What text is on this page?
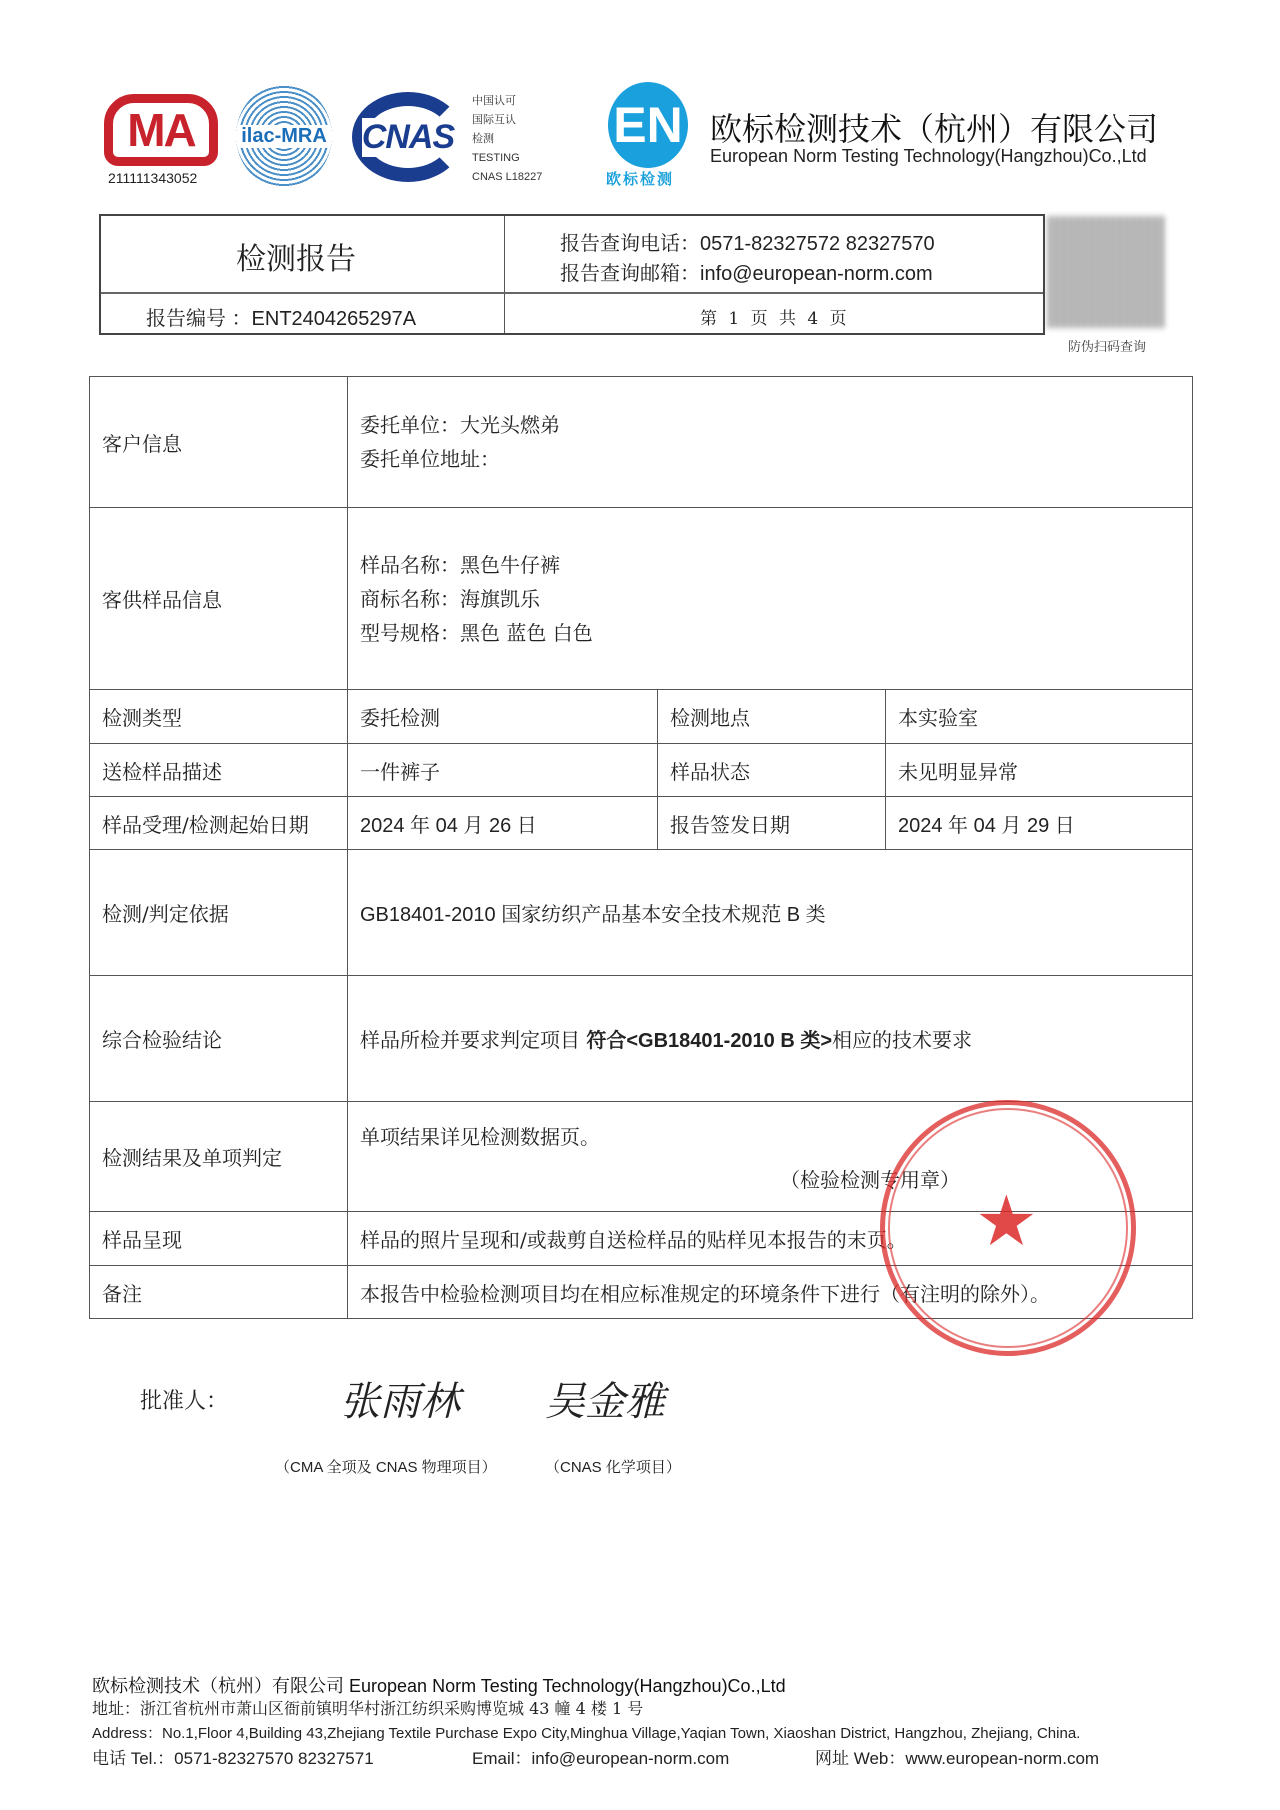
MA
211111343052
ilac-MRA CNAS
中国认可
国际互认
检测
TESTING
CNAS L18227
EN
欧标检测
欧标检测技术（杭州）有限公司
European Norm Testing Technology(Hangzhou)Co.,Ltd
检测报告	报告查询电话：0571-82327572 82327570
报告查询邮箱：info@european-norm.com
报告编号 ：ENT2404265297A	第 1 页 共 4 页
防伪扫码查询
客户信息	委托单位：大光头燃弟
委托单位地址：		

客供样品信息	样品名称：黑色牛仔裤
商标名称：海旗凯乐
型号规格：黑色 蓝色 白色		

检测类型	委托检测	检测地点	本实验室
送检样品描述	一件裤子	样品状态	未见明显异常
样品受理/检测起始日期	2024 年 04 月 26 日	报告签发日期	2024 年 04 月 29 日
检测/判定依据	GB18401-2010 国家纺织产品基本安全技术规范 B 类		
综合检验结论	样品所检并要求判定项目 符合<GB18401-2010 B 类>相应的技术要求		
检测结果及单项判定	单项结果详见检测数据页。
（检验检测专用章）		

样品呈现	样品的照片呈现和/或裁剪自送检样品的贴样见本报告的末页。		
备注	本报告中检验检测项目均在相应标准规定的环境条件下进行（有注明的除外）。		
★
批准人：	张雨林 吴金雅
（CMA 全项及 CNAS 物理项目）	（CNAS 化学项目）
欧标检测技术（杭州）有限公司 European Norm Testing Technology(Hangzhou)Co.,Ltd
地址：浙江省杭州市萧山区衙前镇明华村浙江纺织采购博览城 43 幢 4 楼 1 号
Address：No.1,Floor 4,Building 43,Zhejiang Textile Purchase Expo City,Minghua Village,Yaqian Town, Xiaoshan District, Hangzhou, Zhejiang, China.
电话 Tel.：0571-82327570 82327571	Email：info@european-norm.com	网址 Web：www.european-norm.com
